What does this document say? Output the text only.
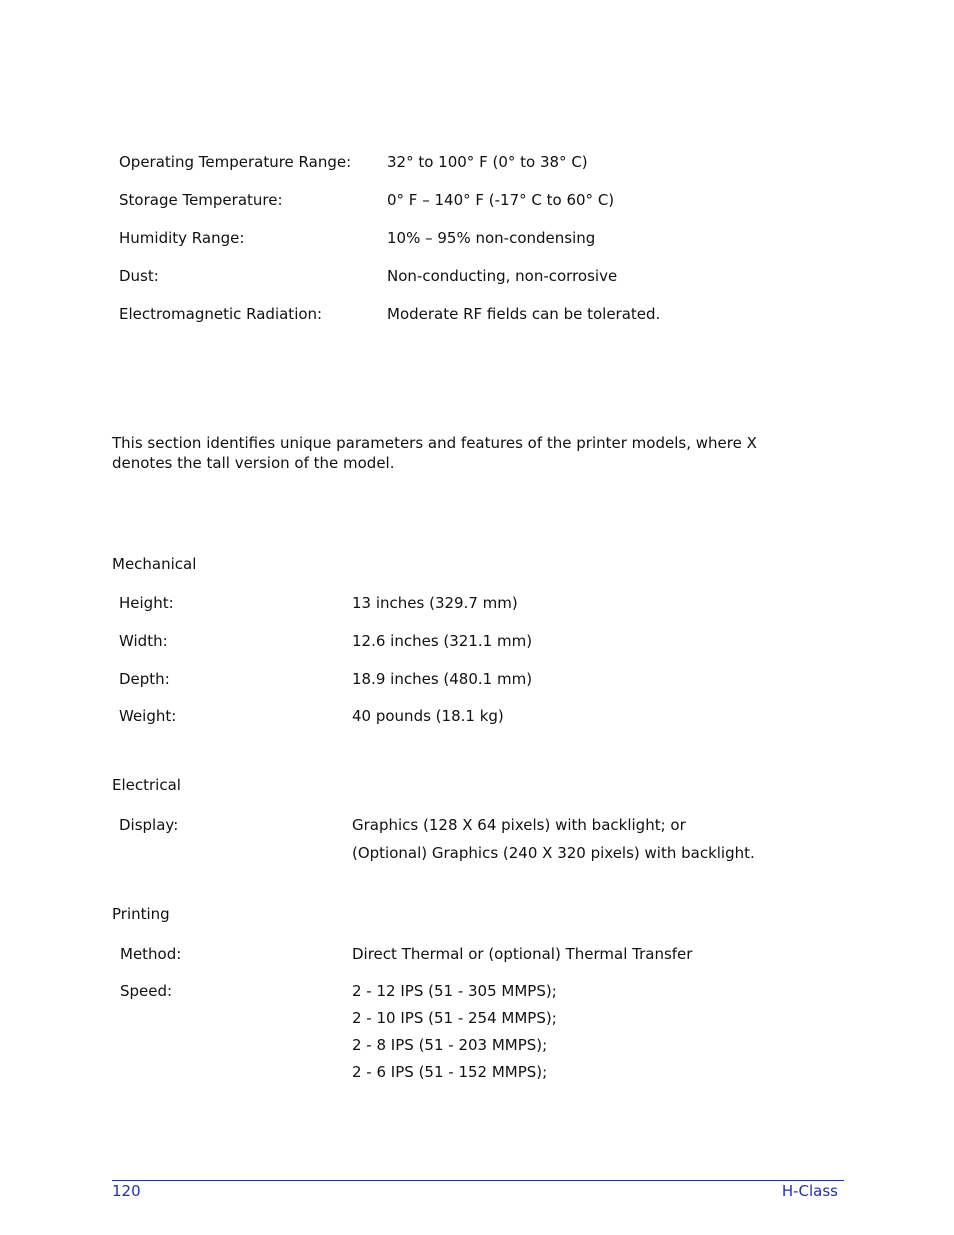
Operating Temperature Range: 32° to 100° F (0° to 38° C)
Storage Temperature:	0° F – 140° F (-17° C to 60° C)
Humidity Range:	10% – 95% non-condensing
Dust:	Non-conducting, non-corrosive
Electromagnetic Radiation:	Moderate RF fields can be tolerated.
This section identifies unique parameters and features of the printer models, where X denotes the tall version of the model.
Mechanical
Height:	13 inches (329.7 mm)
Width:	12.6 inches (321.1 mm)
Depth:	18.9 inches (480.1 mm)
Weight:	40 pounds (18.1 kg)
Electrical
Display:	Graphics (128 X 64 pixels) with backlight; or
(Optional) Graphics (240 X 320 pixels) with backlight.
Printing
Method:	Direct Thermal or (optional) Thermal Transfer
Speed:	2 - 12 IPS (51 - 305 MMPS);
2 - 10 IPS (51 - 254 MMPS);
2 - 8 IPS (51 - 203 MMPS);
2 - 6 IPS (51 - 152 MMPS);
120	H-Class
